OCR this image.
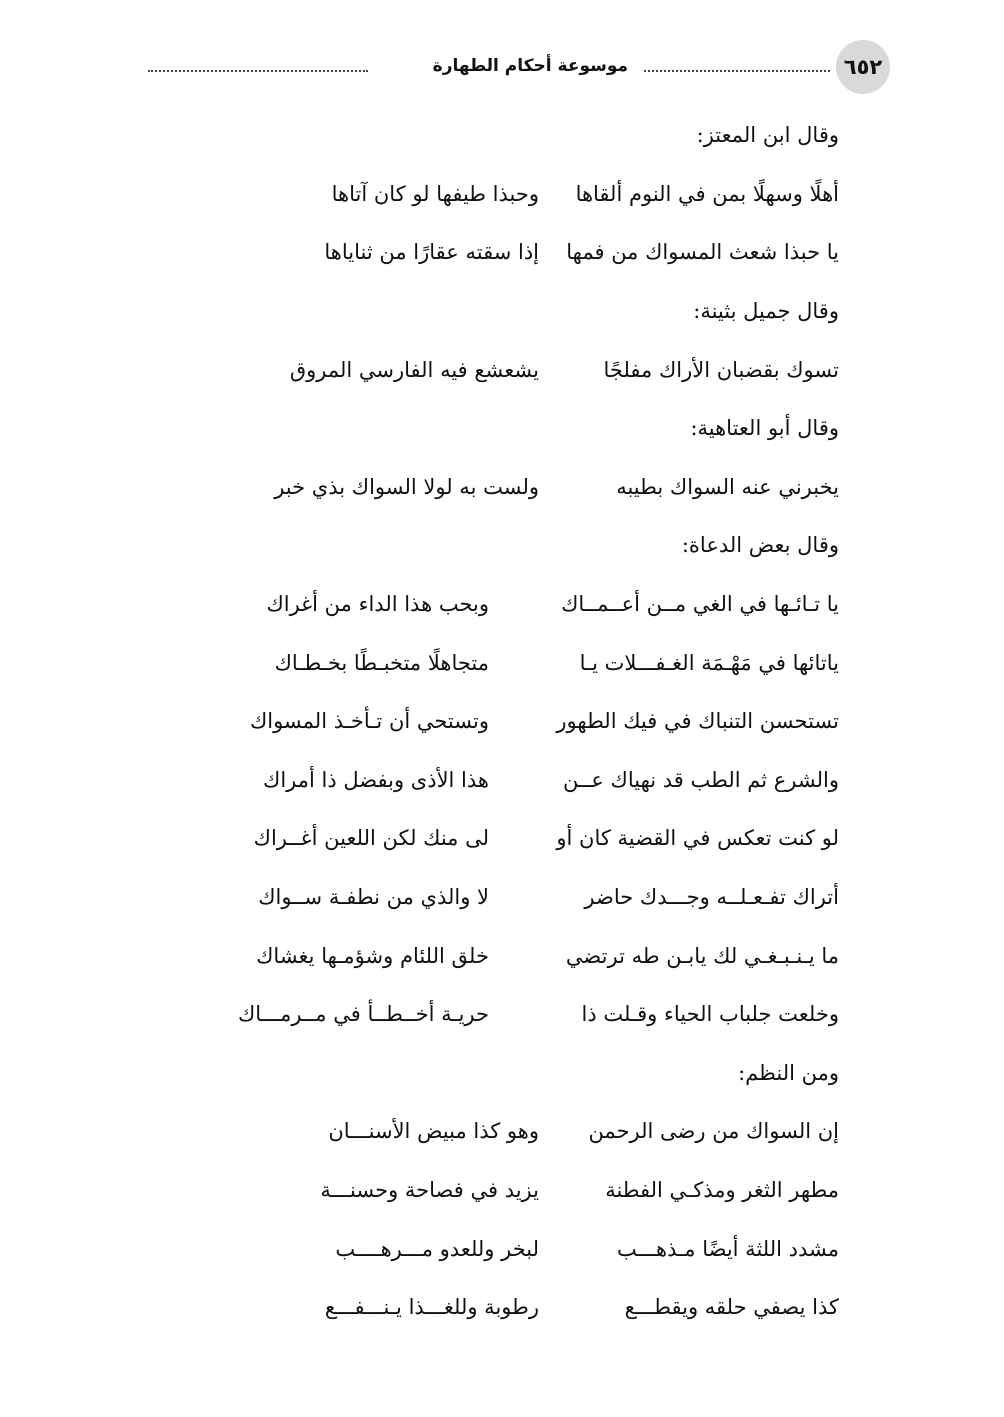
موسوعة أحكام الطهارة	٦٥٢
وقال ابن المعتز:
أهلًا وسهلًا بمن في النوم ألقاها
وحبذا طيفها لو كان آتاها
يا حبذا شعث المسواك من فمها
إذا سقته عقارًا من ثناياها
وقال جميل بثينة:
تسوك بقضبان الأراك مفلجًا
يشعشع فيه الفارسي المروق
وقال أبو العتاهية:
يخبرني عنه السواك بطيبه
ولست به لولا السواك بذي خبر
وقال بعض الدعاة:
يا تـائـها في الغي مــن أعــمــاك
وبحب هذا الداء من أغراك
ياتائها في مَهْـمَة الغـفـــلات يـا
متجاهلًا متخبـطًا بخـطـاك
تستحسن التنباك في فيك الطهور
وتستحي أن تـأخـذ المسواك
والشرع ثم الطب قد نهياك عــن
هذا الأذى وبفضل ذا أمراك
لو كنت تعكس في القضية كان أو
لى منك لكن اللعين أغــراك
أتراك تفـعـلــه وجـــدك حاضر
لا والذي من نطفـة ســواك
ما يـنـبـغـي لك يابـن طه ترتضي
خلق اللئام وشؤمـها يغشاك
وخلعت جلباب الحياء وقـلت ذا
حريـة أخــطــأ في مــرمـــاك
ومن النظم:
إن السواك من رضى الرحمن
وهو كذا مبيض الأسنـــان
مطهر الثغر ومذكـي الفطنة
يزيد في فصاحة وحسنـــة
مشدد اللثة أيضًا مـذهـــب
لبخر وللعدو مـــرهــــب
كذا يصفي حلقه ويقطـــع
رطوبة وللغـــذا يـنـــفـــع
